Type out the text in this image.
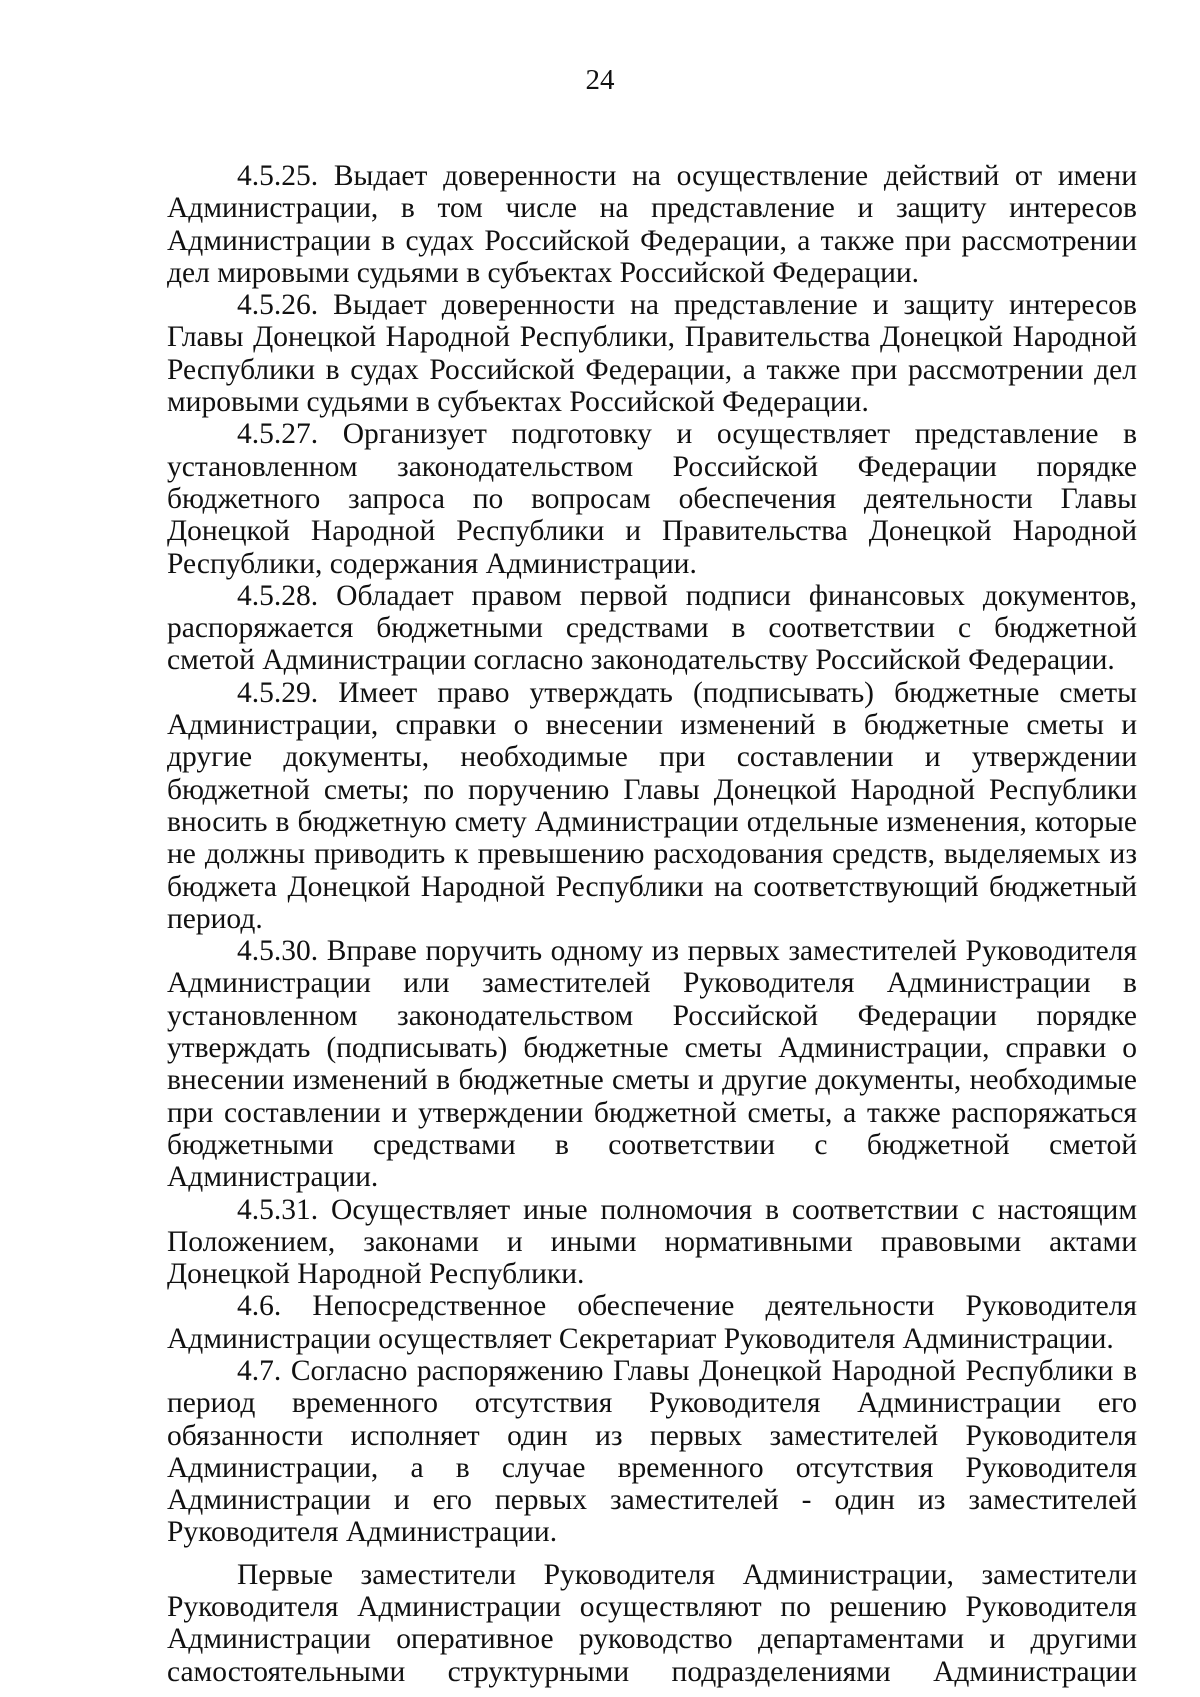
24

4.5.25. Выдает доверенности на осуществление действий от имени Администрации, в том числе на представление и защиту интересов Администрации в судах Российской Федерации, а также при рассмотрении дел мировыми судьями в субъектах Российской Федерации.

4.5.26. Выдает доверенности на представление и защиту интересов Главы Донецкой Народной Республики, Правительства Донецкой Народной Республики в судах Российской Федерации, а также при рассмотрении дел мировыми судьями в субъектах Российской Федерации.

4.5.27. Организует подготовку и осуществляет представление в установленном законодательством Российской Федерации порядке бюджетного запроса по вопросам обеспечения деятельности Главы Донецкой Народной Республики и Правительства Донецкой Народной Республики, содержания Администрации.

4.5.28. Обладает правом первой подписи финансовых документов, распоряжается бюджетными средствами в соответствии с бюджетной сметой Администрации согласно законодательству Российской Федерации.

4.5.29. Имеет право утверждать (подписывать) бюджетные сметы Администрации, справки о внесении изменений в бюджетные сметы и другие документы, необходимые при составлении и утверждении бюджетной сметы; по поручению Главы Донецкой Народной Республики вносить в бюджетную смету Администрации отдельные изменения, которые не должны приводить к превышению расходования средств, выделяемых из бюджета Донецкой Народной Республики на соответствующий бюджетный период.

4.5.30. Вправе поручить одному из первых заместителей Руководителя Администрации или заместителей Руководителя Администрации в установленном законодательством Российской Федерации порядке утверждать (подписывать) бюджетные сметы Администрации, справки о внесении изменений в бюджетные сметы и другие документы, необходимые при составлении и утверждении бюджетной сметы, а также распоряжаться бюджетными средствами в соответствии с бюджетной сметой Администрации.

4.5.31. Осуществляет иные полномочия в соответствии с настоящим Положением, законами и иными нормативными правовыми актами Донецкой Народной Республики.

4.6. Непосредственное обеспечение деятельности Руководителя Администрации осуществляет Секретариат Руководителя Администрации.

4.7. Согласно распоряжению Главы Донецкой Народной Республики в период временного отсутствия Руководителя Администрации его обязанности исполняет один из первых заместителей Руководителя Администрации, а в случае временного отсутствия Руководителя Администрации и его первых заместителей - один из заместителей Руководителя Администрации.

Первые заместители Руководителя Администрации, заместители Руководителя Администрации осуществляют по решению Руководителя Администрации оперативное руководство департаментами и другими самостоятельными структурными подразделениями Администрации
